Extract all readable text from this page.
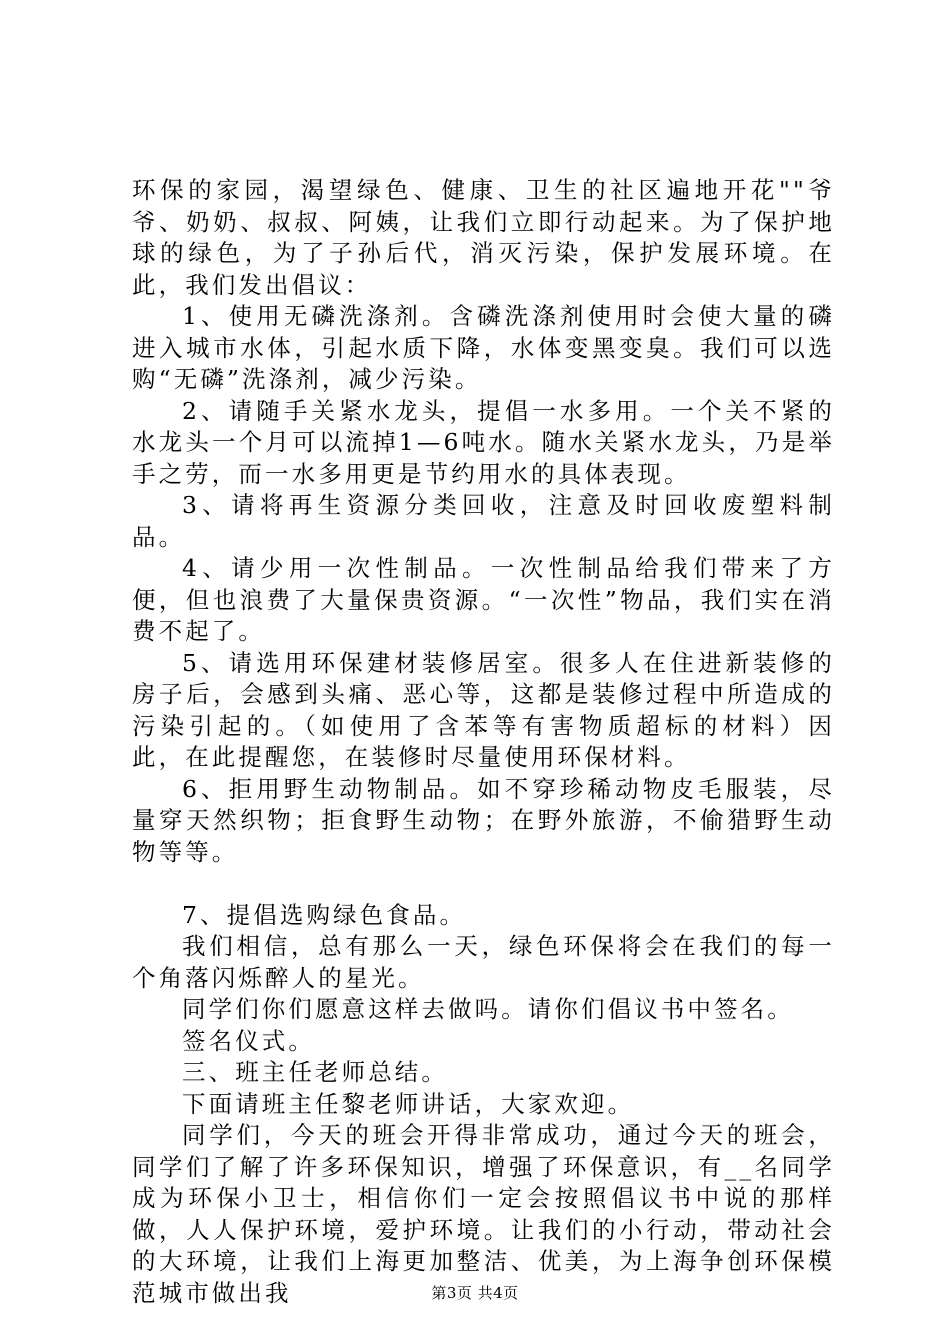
环保的家园，渴望绿色、健康、卫生的社区遍地开花""爷爷、奶奶、叔叔、阿姨，让我们立即行动起来。为了保护地球的绿色，为了子孙后代，消灭污染，保护发展环境。在此，我们发出倡议：

1、使用无磷洗涤剂。含磷洗涤剂使用时会使大量的磷进入城市水体，引起水质下降，水体变黑变臭。我们可以选购“无磷”洗涤剂，减少污染。

2、请随手关紧水龙头，提倡一水多用。一个关不紧的水龙头一个月可以流掉1—6吨水。随水关紧水龙头，乃是举手之劳，而一水多用更是节约用水的具体表现。

3、请将再生资源分类回收，注意及时回收废塑料制品。

4、请少用一次性制品。一次性制品给我们带来了方便，但也浪费了大量保贵资源。“一次性”物品，我们实在消费不起了。

5、请选用环保建材装修居室。很多人在住进新装修的房子后，会感到头痛、恶心等，这都是装修过程中所造成的污染引起的。（如使用了含苯等有害物质超标的材料）因此，在此提醒您，在装修时尽量使用环保材料。

6、拒用野生动物制品。如不穿珍稀动物皮毛服装，尽量穿天然织物；拒食野生动物；在野外旅游，不偷猎野生动物等等。

7、提倡选购绿色食品。

我们相信，总有那么一天，绿色环保将会在我们的每一个角落闪烁醉人的星光。

同学们你们愿意这样去做吗。请你们倡议书中签名。

签名仪式。

三、班主任老师总结。

下面请班主任黎老师讲话，大家欢迎。

同学们，今天的班会开得非常成功，通过今天的班会，同学们了解了许多环保知识，增强了环保意识，有__名同学成为环保小卫士，相信你们一定会按照倡议书中说的那样做，人人保护环境，爱护环境。让我们的小行动，带动社会的大环境，让我们上海更加整洁、优美，为上海争创环保模范城市做出我	第3页 共4页
